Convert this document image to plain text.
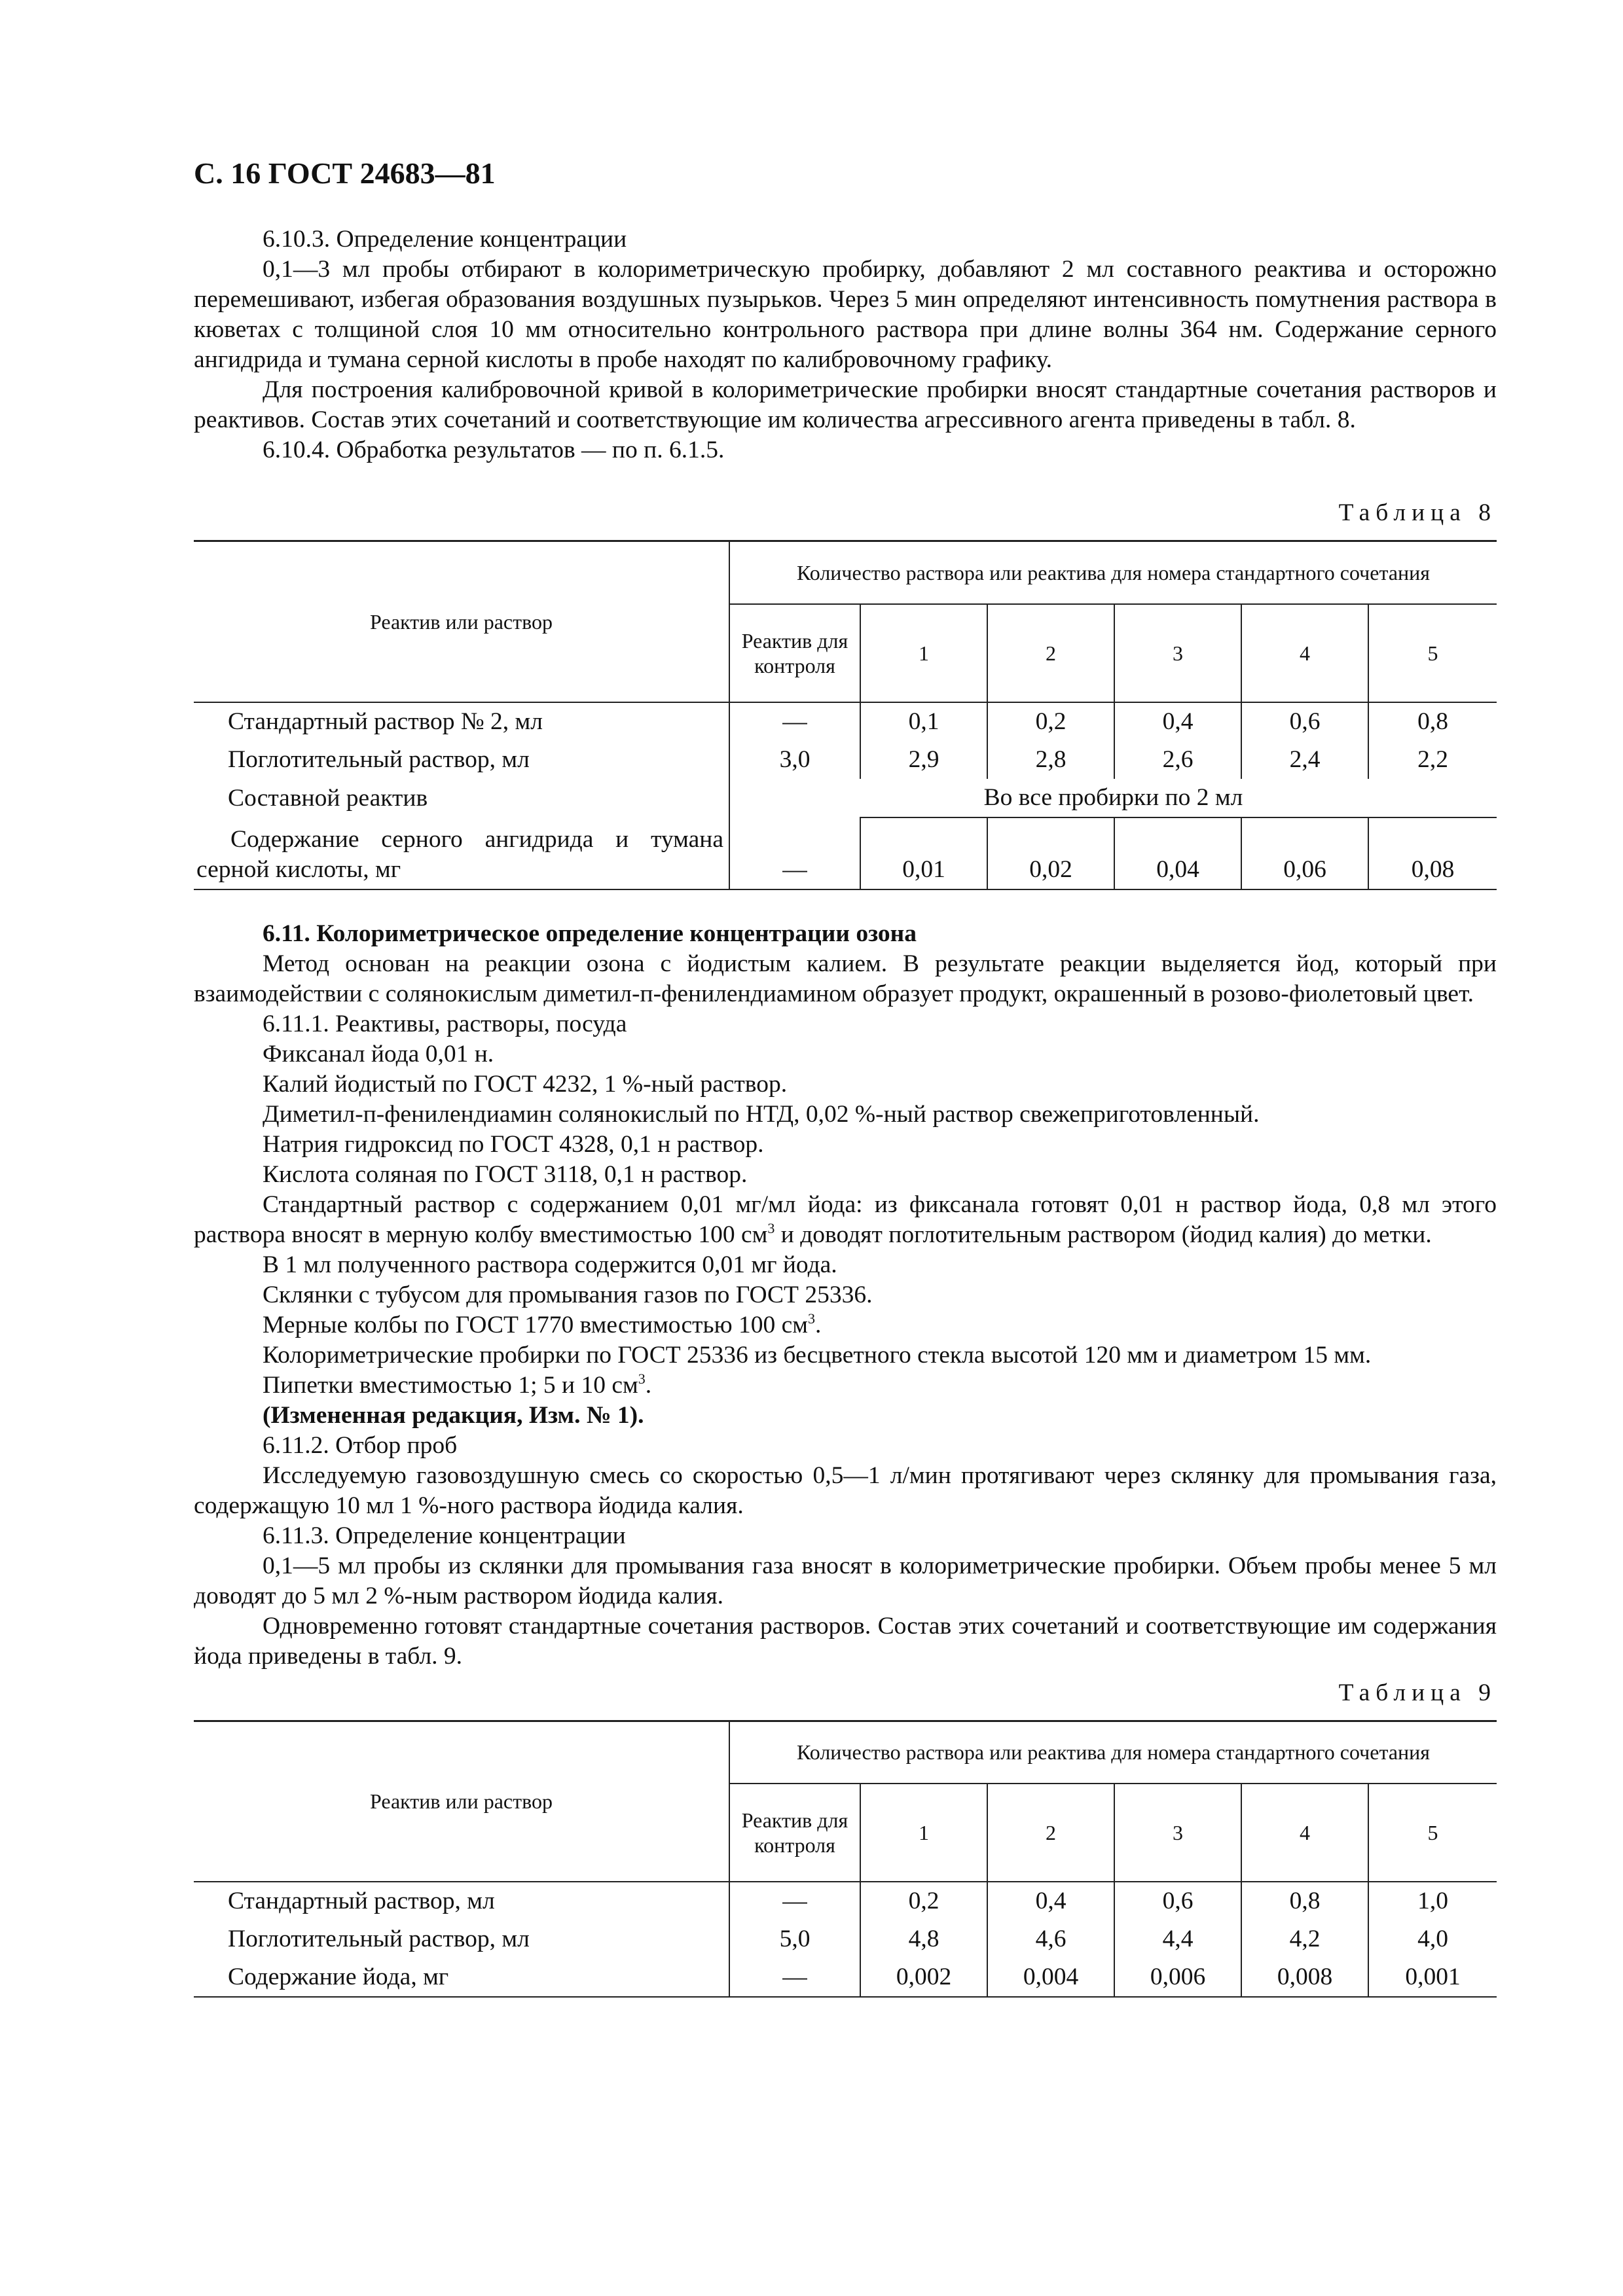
С. 16 ГОСТ 24683—81

6.10.3. Определение концентрации

0,1—3 мл пробы отбирают в колориметрическую пробирку, добавляют 2 мл составного реактива и осторожно перемешивают, избегая образования воздушных пузырьков. Через 5 мин определяют интенсивность помутнения раствора в кюветах с толщиной слоя 10 мм относительно контрольного раствора при длине волны 364 нм. Содержание серного ангидрида и тумана серной кислоты в пробе находят по калибровочному графику.

Для построения калибровочной кривой в колориметрические пробирки вносят стандартные сочетания растворов и реактивов. Состав этих сочетаний и соответствующие им количества агрессивного агента приведены в табл. 8.

6.10.4. Обработка результатов — по п. 6.1.5.

Таблица 8
Реактив или раствор	Количество раствора или реактива для номера стандартного сочетания					
	Реактив для контроля	1	2	3	4	5
Стандартный раствор № 2, мл	—	0,1	0,2	0,4	0,6	0,8
Поглотительный раствор, мл	3,0	2,9	2,8	2,6	2,4	2,2
Составной реактив	Во все пробирки по 2 мл					
Содержание серного ангидрида и тумана серной кислоты, мг	—	0,01	0,02	0,04	0,06	0,08

6.11. Колориметрическое определение концентрации озона

Метод основан на реакции озона с йодистым калием. В результате реакции выделяется йод, который при взаимодействии с солянокислым диметил-п-фенилендиамином образует продукт, окрашенный в розово-фиолетовый цвет.

6.11.1. Реактивы, растворы, посуда

Фиксанал йода 0,01 н.

Калий йодистый по ГОСТ 4232, 1 %-ный раствор.

Диметил-п-фенилендиамин солянокислый по НТД, 0,02 %-ный раствор свежеприготовленный.

Натрия гидроксид по ГОСТ 4328, 0,1 н раствор.

Кислота соляная по ГОСТ 3118, 0,1 н раствор.

Стандартный раствор с содержанием 0,01 мг/мл йода: из фиксанала готовят 0,01 н раствор йода, 0,8 мл этого раствора вносят в мерную колбу вместимостью 100 $см^3$ и доводят поглотительным раствором (йодид калия) до метки.

В 1 мл полученного раствора содержится 0,01 мг йода.

Склянки с тубусом для промывания газов по ГОСТ 25336.

Мерные колбы по ГОСТ 1770 вместимостью 100 $см^3$.

Колориметрические пробирки по ГОСТ 25336 из бесцветного стекла высотой 120 мм и диаметром 15 мм.

Пипетки вместимостью 1; 5 и 10 $см^3$.

(Измененная редакция, Изм. № 1).

6.11.2. Отбор проб

Исследуемую газовоздушную смесь со скоростью 0,5—1 л/мин протягивают через склянку для промывания газа, содержащую 10 мл 1 %-ного раствора йодида калия.

6.11.3. Определение концентрации

0,1—5 мл пробы из склянки для промывания газа вносят в колориметрические пробирки. Объем пробы менее 5 мл доводят до 5 мл 2 %-ным раствором йодида калия.

Одновременно готовят стандартные сочетания растворов. Состав этих сочетаний и соответствующие им содержания йода приведены в табл. 9.

Таблица 9
Реактив или раствор	Количество раствора или реактива для номера стандартного сочетания					
	Реактив для контроля	1	2	3	4	5
Стандартный раствор, мл	—	0,2	0,4	0,6	0,8	1,0
Поглотительный раствор, мл	5,0	4,8	4,6	4,4	4,2	4,0
Содержание йода, мг	—	0,002	0,004	0,006	0,008	0,001
